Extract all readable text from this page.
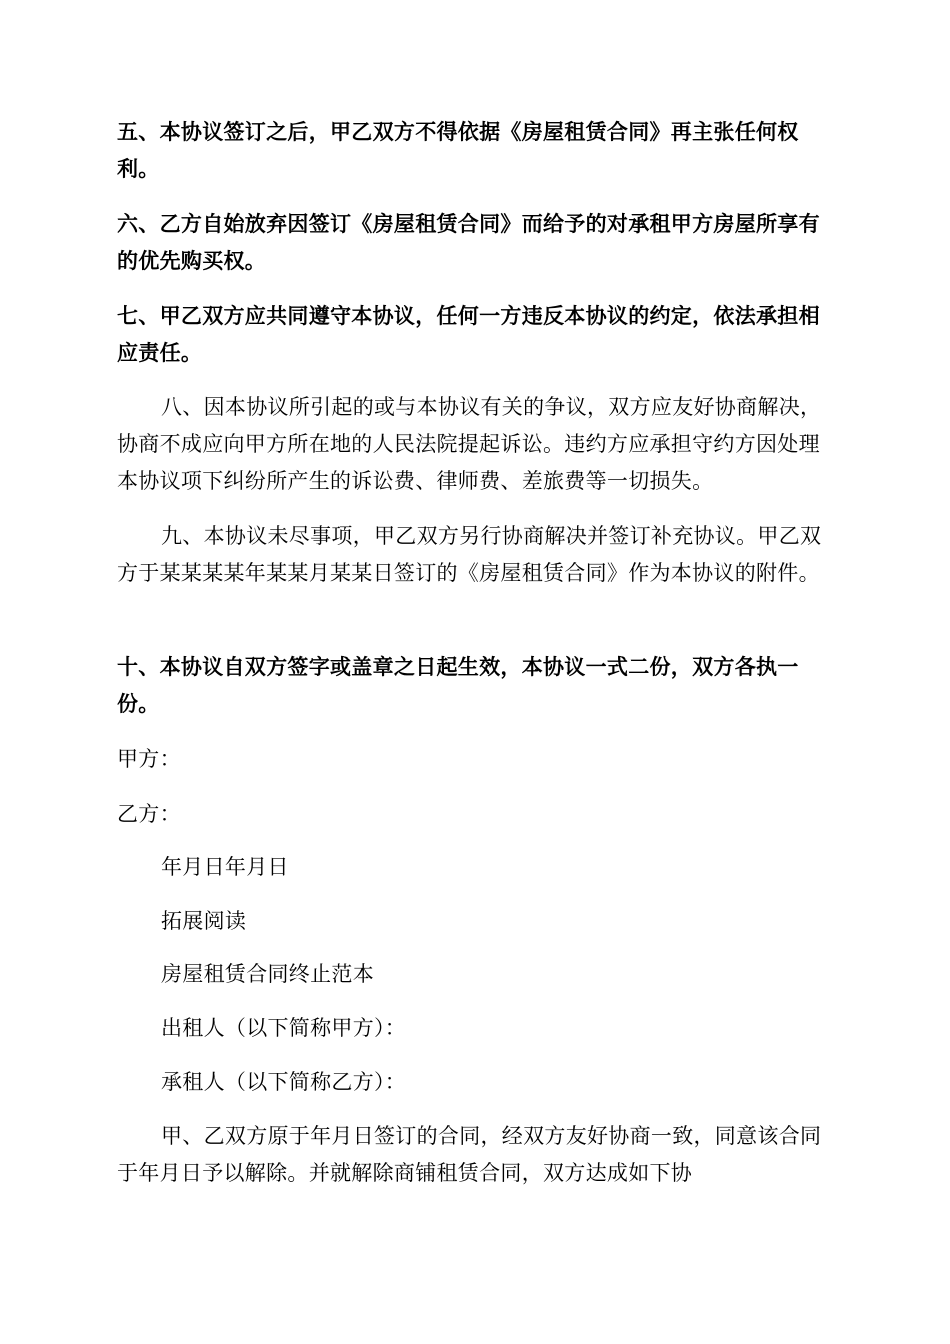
五、本协议签订之后，甲乙双方不得依据《房屋租赁合同》再主张任何权利。

六、乙方自始放弃因签订《房屋租赁合同》而给予的对承租甲方房屋所享有的优先购买权。

七、甲乙双方应共同遵守本协议，任何一方违反本协议的约定，依法承担相应责任。

八、因本协议所引起的或与本协议有关的争议，双方应友好协商解决，协商不成应向甲方所在地的人民法院提起诉讼。违约方应承担守约方因处理本协议项下纠纷所产生的诉讼费、律师费、差旅费等一切损失。

九、本协议未尽事项，甲乙双方另行协商解决并签订补充协议。甲乙双方于某某某某年某某月某某日签订的《房屋租赁合同》作为本协议的附件。

十、本协议自双方签字或盖章之日起生效，本协议一式二份，双方各执一份。

甲方：

乙方：

年月日年月日

拓展阅读

房屋租赁合同终止范本

出租人（以下简称甲方）：

承租人（以下简称乙方）：

甲、乙双方原于年月日签订的合同，经双方友好协商一致，同意该合同于年月日予以解除。并就解除商铺租赁合同，双方达成如下协
